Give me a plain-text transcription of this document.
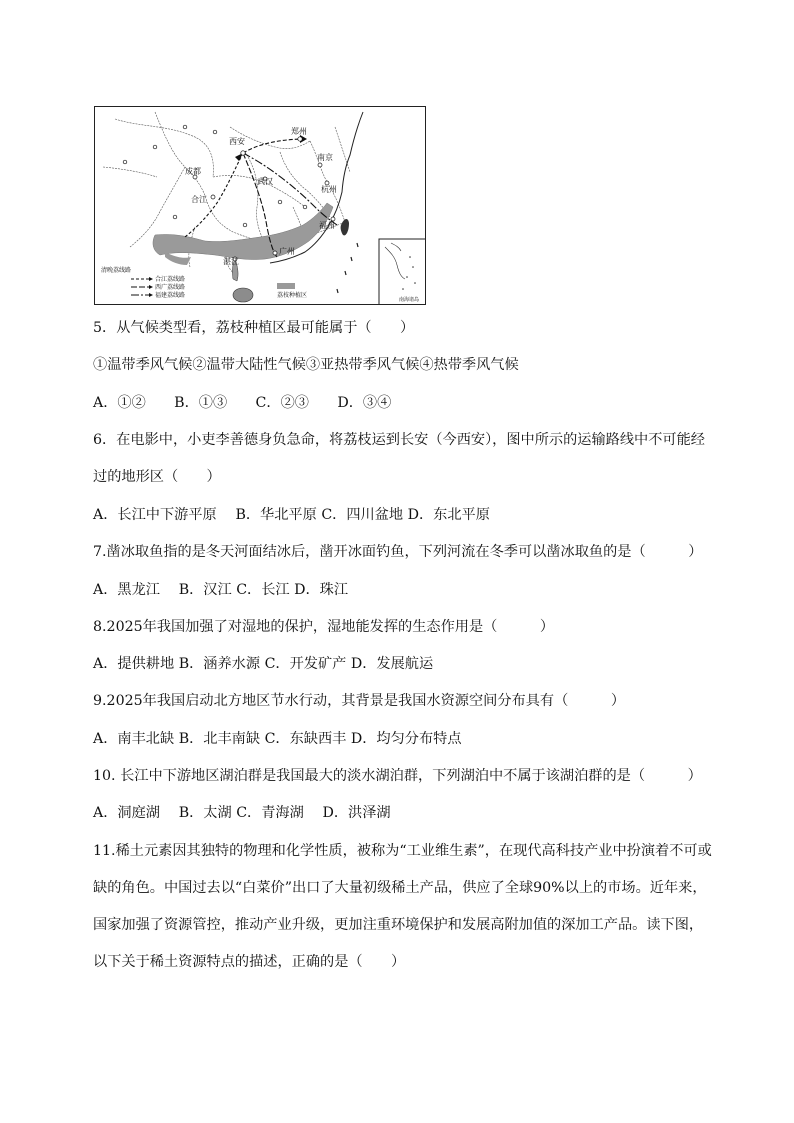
成都
西安
郑州
南京
武汉
杭州
合江
福州
广州
湛江
清晚荔线路
合江荔线路
西广荔线路
福建荔线路	荔枝种植区
南海诸岛
5．从气候类型看，荔枝种植区最可能属于（　　）
①温带季风气候②温带大陆性气候③亚热带季风气候④热带季风气候
A．①②　　B．①③　　C．②③　　D．③④
6．在电影中，小吏李善德身负急命，将荔枝运到长安（今西安），图中所示的运输路线中不可能经
过的地形区（　　）
A．长江中下游平原　 B．华北平原 C．四川盆地 D．东北平原
7.凿冰取鱼指的是冬天河面结冰后，凿开冰面钓鱼，下列河流在冬季可以凿冰取鱼的是（　　　）
A．黑龙江　 B．汉江 C．长江 D．珠江
8.2025年我国加强了对湿地的保护，湿地能发挥的生态作用是（　　　）
A．提供耕地 B．涵养水源 C．开发矿产 D．发展航运
9.2025年我国启动北方地区节水行动，其背景是我国水资源空间分布具有（　　　）
A．南丰北缺 B．北丰南缺 C．东缺西丰 D．均匀分布特点
10. 长江中下游地区湖泊群是我国最大的淡水湖泊群，下列湖泊中不属于该湖泊群的是（　　　）
A．洞庭湖　 B．太湖 C．青海湖　 D．洪泽湖
11.稀土元素因其独特的物理和化学性质，被称为“工业维生素”，在现代高科技产业中扮演着不可或
缺的角色。中国过去以“白菜价”出口了大量初级稀土产品，供应了全球90%以上的市场。近年来，
国家加强了资源管控，推动产业升级，更加注重环境保护和发展高附加值的深加工产品。读下图，
以下关于稀土资源特点的描述，正确的是（　　）
